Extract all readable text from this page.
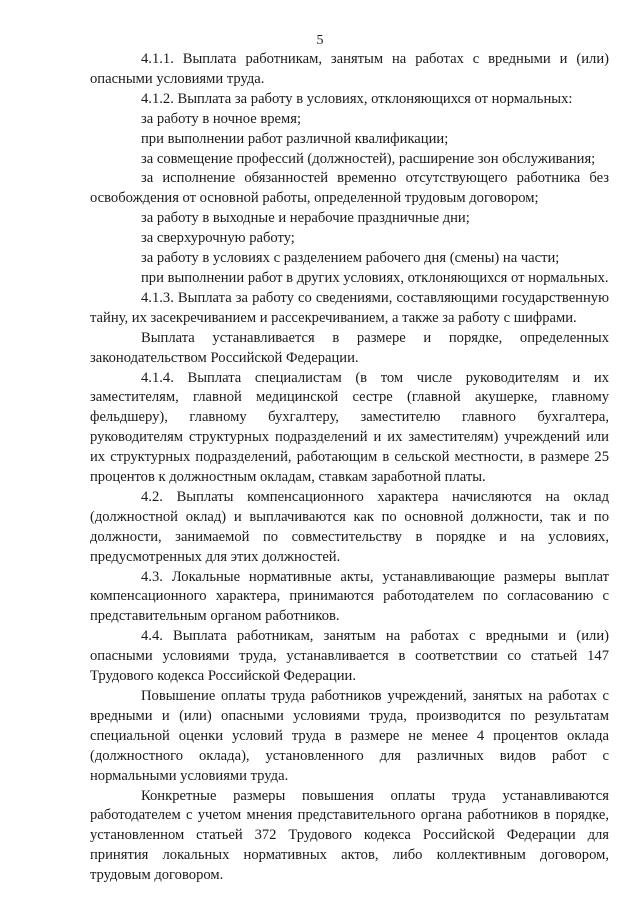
5

4.1.1. Выплата работникам, занятым на работах с вредными и (или) опасными условиями труда.

4.1.2. Выплата за работу в условиях, отклоняющихся от нормальных:

за работу в ночное время;

при выполнении работ различной квалификации;

за совмещение профессий (должностей), расширение зон обслуживания;

за исполнение обязанностей временно отсутствующего работника без освобождения от основной работы, определенной трудовым договором;

за работу в выходные и нерабочие праздничные дни;

за сверхурочную работу;

за работу в условиях с разделением рабочего дня (смены) на части;

при выполнении работ в других условиях, отклоняющихся от нормальных.

4.1.3. Выплата за работу со сведениями, составляющими государственную тайну, их засекречиванием и рассекречиванием, а также за работу с шифрами.

Выплата устанавливается в размере и порядке, определенных законодательством Российской Федерации.

4.1.4. Выплата специалистам (в том числе руководителям и их заместителям, главной медицинской сестре (главной акушерке, главному фельдшеру), главному бухгалтеру, заместителю главного бухгалтера, руководителям структурных подразделений и их заместителям) учреждений или их структурных подразделений, работающим в сельской местности, в размере 25 процентов к должностным окладам, ставкам заработной платы.

4.2. Выплаты компенсационного характера начисляются на оклад (должностной оклад) и выплачиваются как по основной должности, так и по должности, занимаемой по совместительству в порядке и на условиях, предусмотренных для этих должностей.

4.3. Локальные нормативные акты, устанавливающие размеры выплат компенсационного характера, принимаются работодателем по согласованию с представительным органом работников.

4.4. Выплата работникам, занятым на работах с вредными и (или) опасными условиями труда, устанавливается в соответствии со статьей 147 Трудового кодекса Российской Федерации.

Повышение оплаты труда работников учреждений, занятых на работах с вредными и (или) опасными условиями труда, производится по результатам специальной оценки условий труда в размере не менее 4 процентов оклада (должностного оклада), установленного для различных видов работ с нормальными условиями труда.

Конкретные размеры повышения оплаты труда устанавливаются работодателем с учетом мнения представительного органа работников в порядке, установленном статьей 372 Трудового кодекса Российской Федерации для принятия локальных нормативных актов, либо коллективным договором, трудовым договором.
